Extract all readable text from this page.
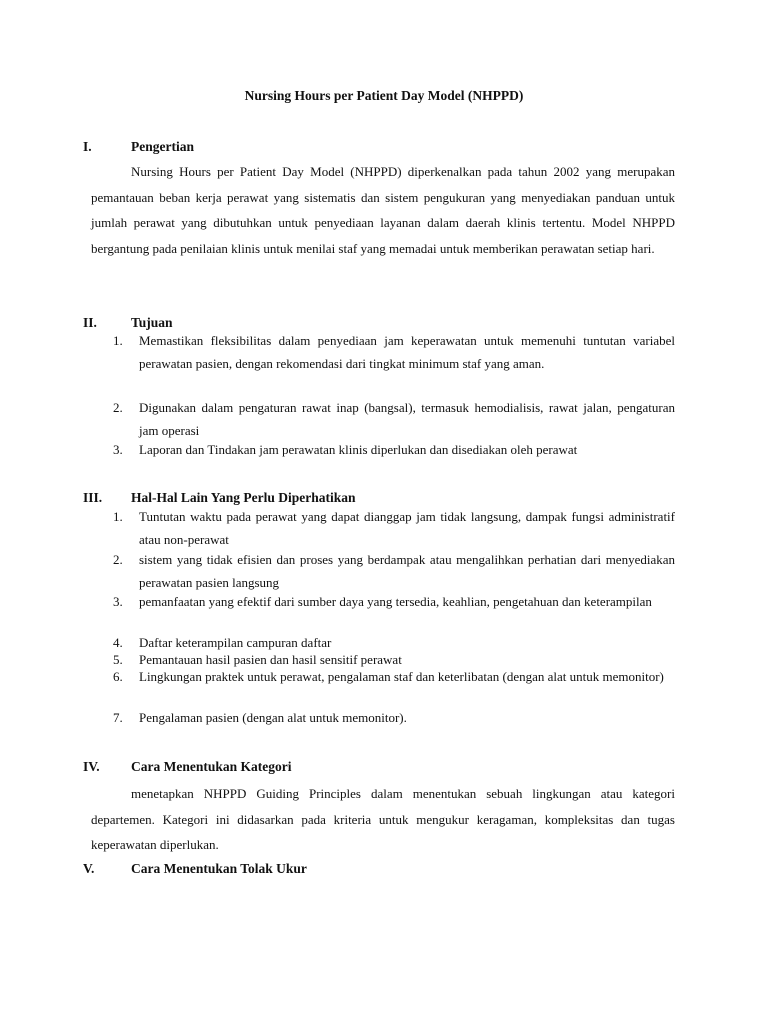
Nursing Hours per Patient Day Model (NHPPD)
I.	Pengertian

Nursing Hours per Patient Day Model (NHPPD) diperkenalkan pada tahun 2002 yang merupakan pemantauan beban kerja perawat yang sistematis dan sistem pengukuran yang menyediakan panduan untuk jumlah perawat yang dibutuhkan untuk penyediaan layanan dalam daerah klinis tertentu. Model NHPPD bergantung pada penilaian klinis untuk menilai staf yang memadai untuk memberikan perawatan setiap hari.

II.	Tujuan
1.	Memastikan fleksibilitas dalam penyediaan jam keperawatan untuk memenuhi tuntutan variabel perawatan pasien, dengan rekomendasi dari tingkat minimum staf yang aman.
2.	Digunakan dalam pengaturan rawat inap (bangsal), termasuk hemodialisis, rawat jalan, pengaturan jam operasi
3.	Laporan dan Tindakan jam perawatan klinis diperlukan dan disediakan oleh perawat
III. Hal-Hal Lain Yang Perlu Diperhatikan
1.	Tuntutan waktu pada perawat yang dapat dianggap jam tidak langsung, dampak fungsi administratif atau non-perawat
2.	sistem yang tidak efisien dan proses yang berdampak atau mengalihkan perhatian dari menyediakan perawatan pasien langsung
3.	pemanfaatan yang efektif dari sumber daya yang tersedia, keahlian, pengetahuan dan keterampilan
4.	Daftar keterampilan campuran daftar
5.	Pemantauan hasil pasien dan hasil sensitif perawat
6.	Lingkungan praktek untuk perawat, pengalaman staf dan keterlibatan (dengan alat untuk memonitor)
7.	Pengalaman pasien (dengan alat untuk memonitor).
IV. Cara Menentukan Kategori

menetapkan NHPPD Guiding Principles dalam menentukan sebuah lingkungan atau kategori departemen. Kategori ini didasarkan pada kriteria untuk mengukur keragaman, kompleksitas dan tugas keperawatan diperlukan.

V.	Cara Menentukan Tolak Ukur
